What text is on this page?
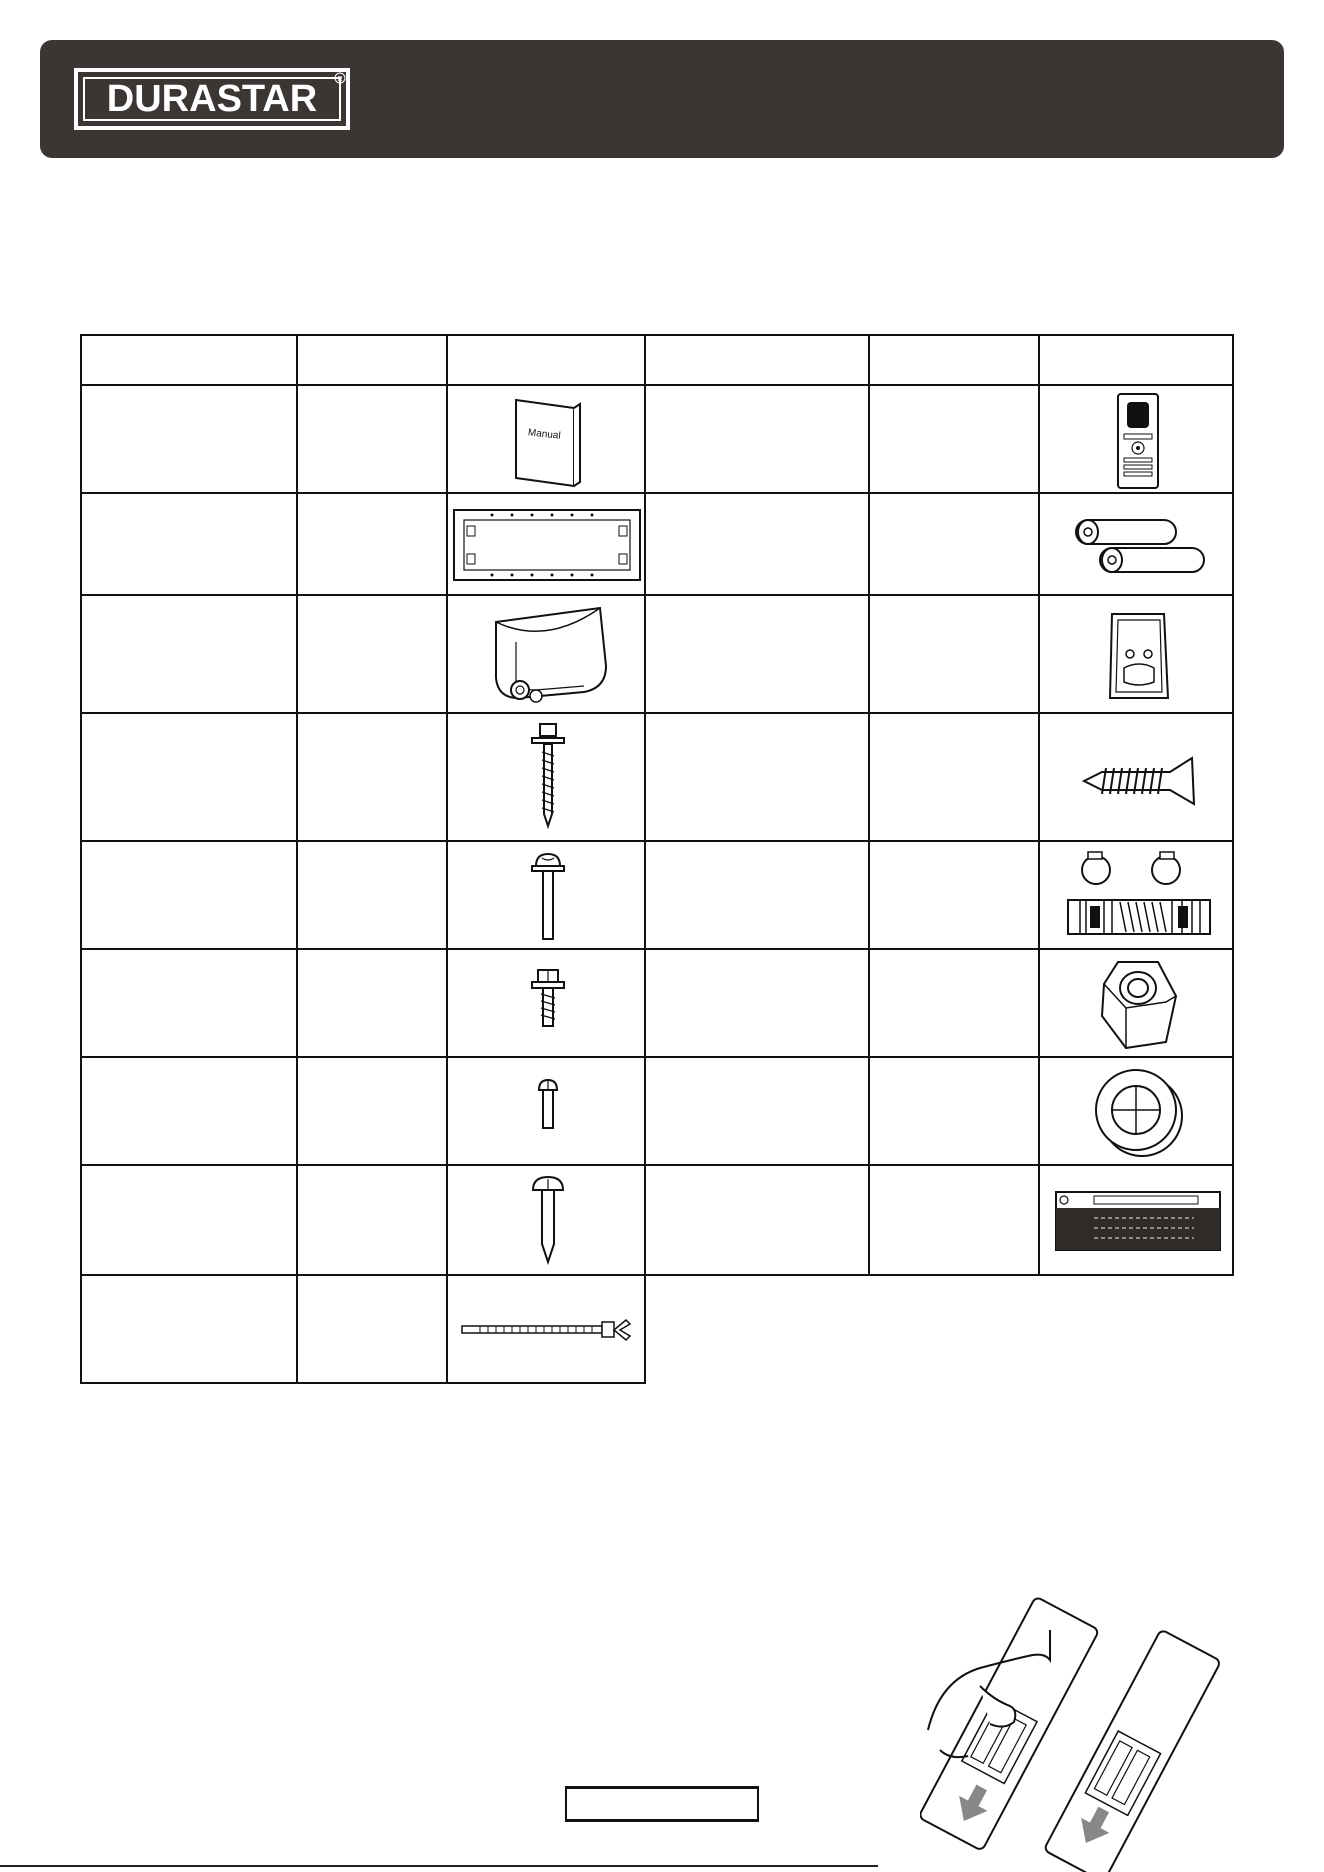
DURASTAR	R
Manual
